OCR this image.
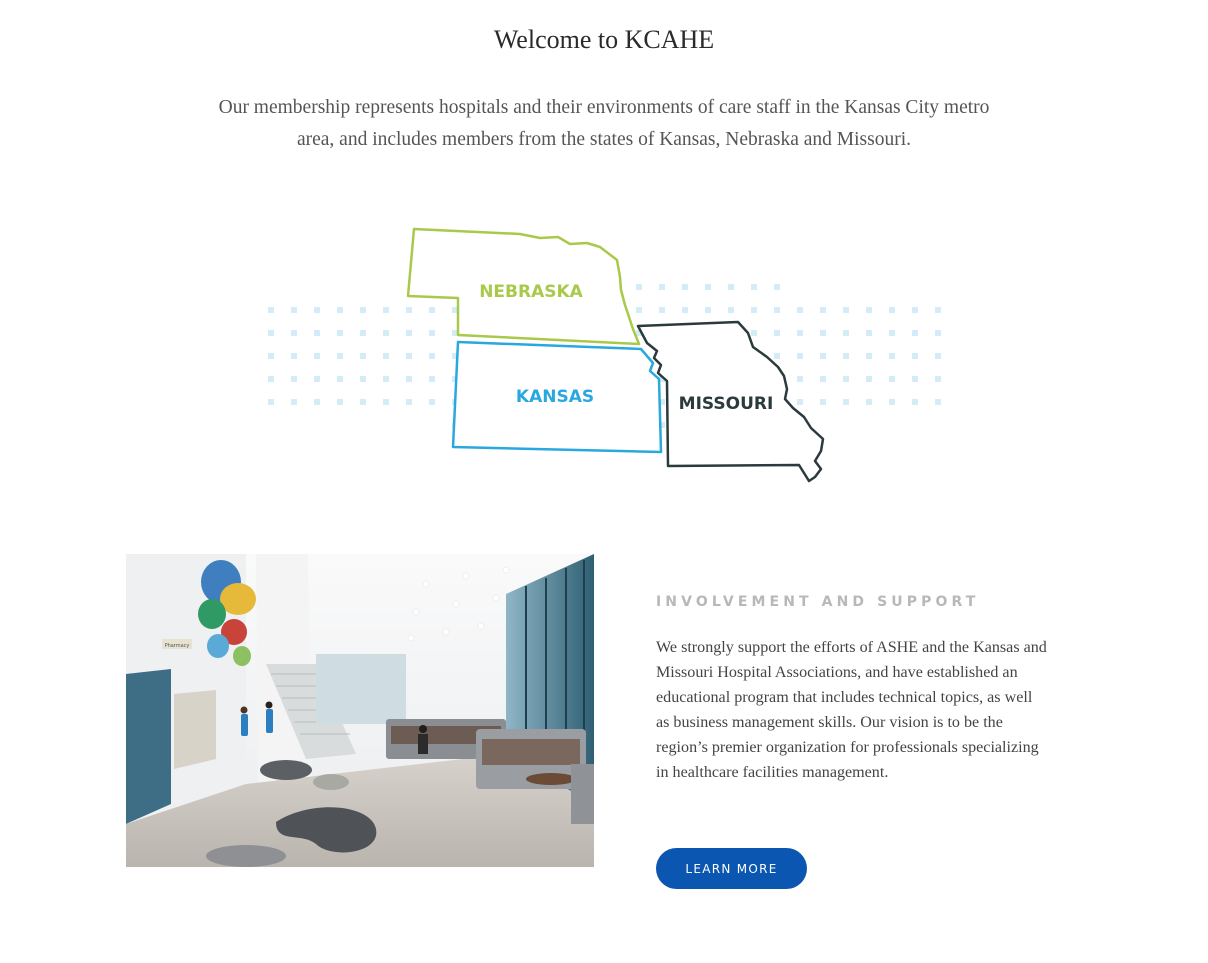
Welcome to KCAHE

Our membership represents hospitals and their environments of care staff in the Kansas City metro area, and includes members from the states of Kansas, Nebraska and Missouri.

NEBRASKA
KANSAS	MISSOURI
Pharmacy
INVOLVEMENT AND SUPPORT

We strongly support the efforts of ASHE and the Kansas and Missouri Hospital Associations, and have established an educational program that includes technical topics, as well as business management skills. Our vision is to be the region’s premier organization for professionals specializing in healthcare facilities management.

LEARN MORE
